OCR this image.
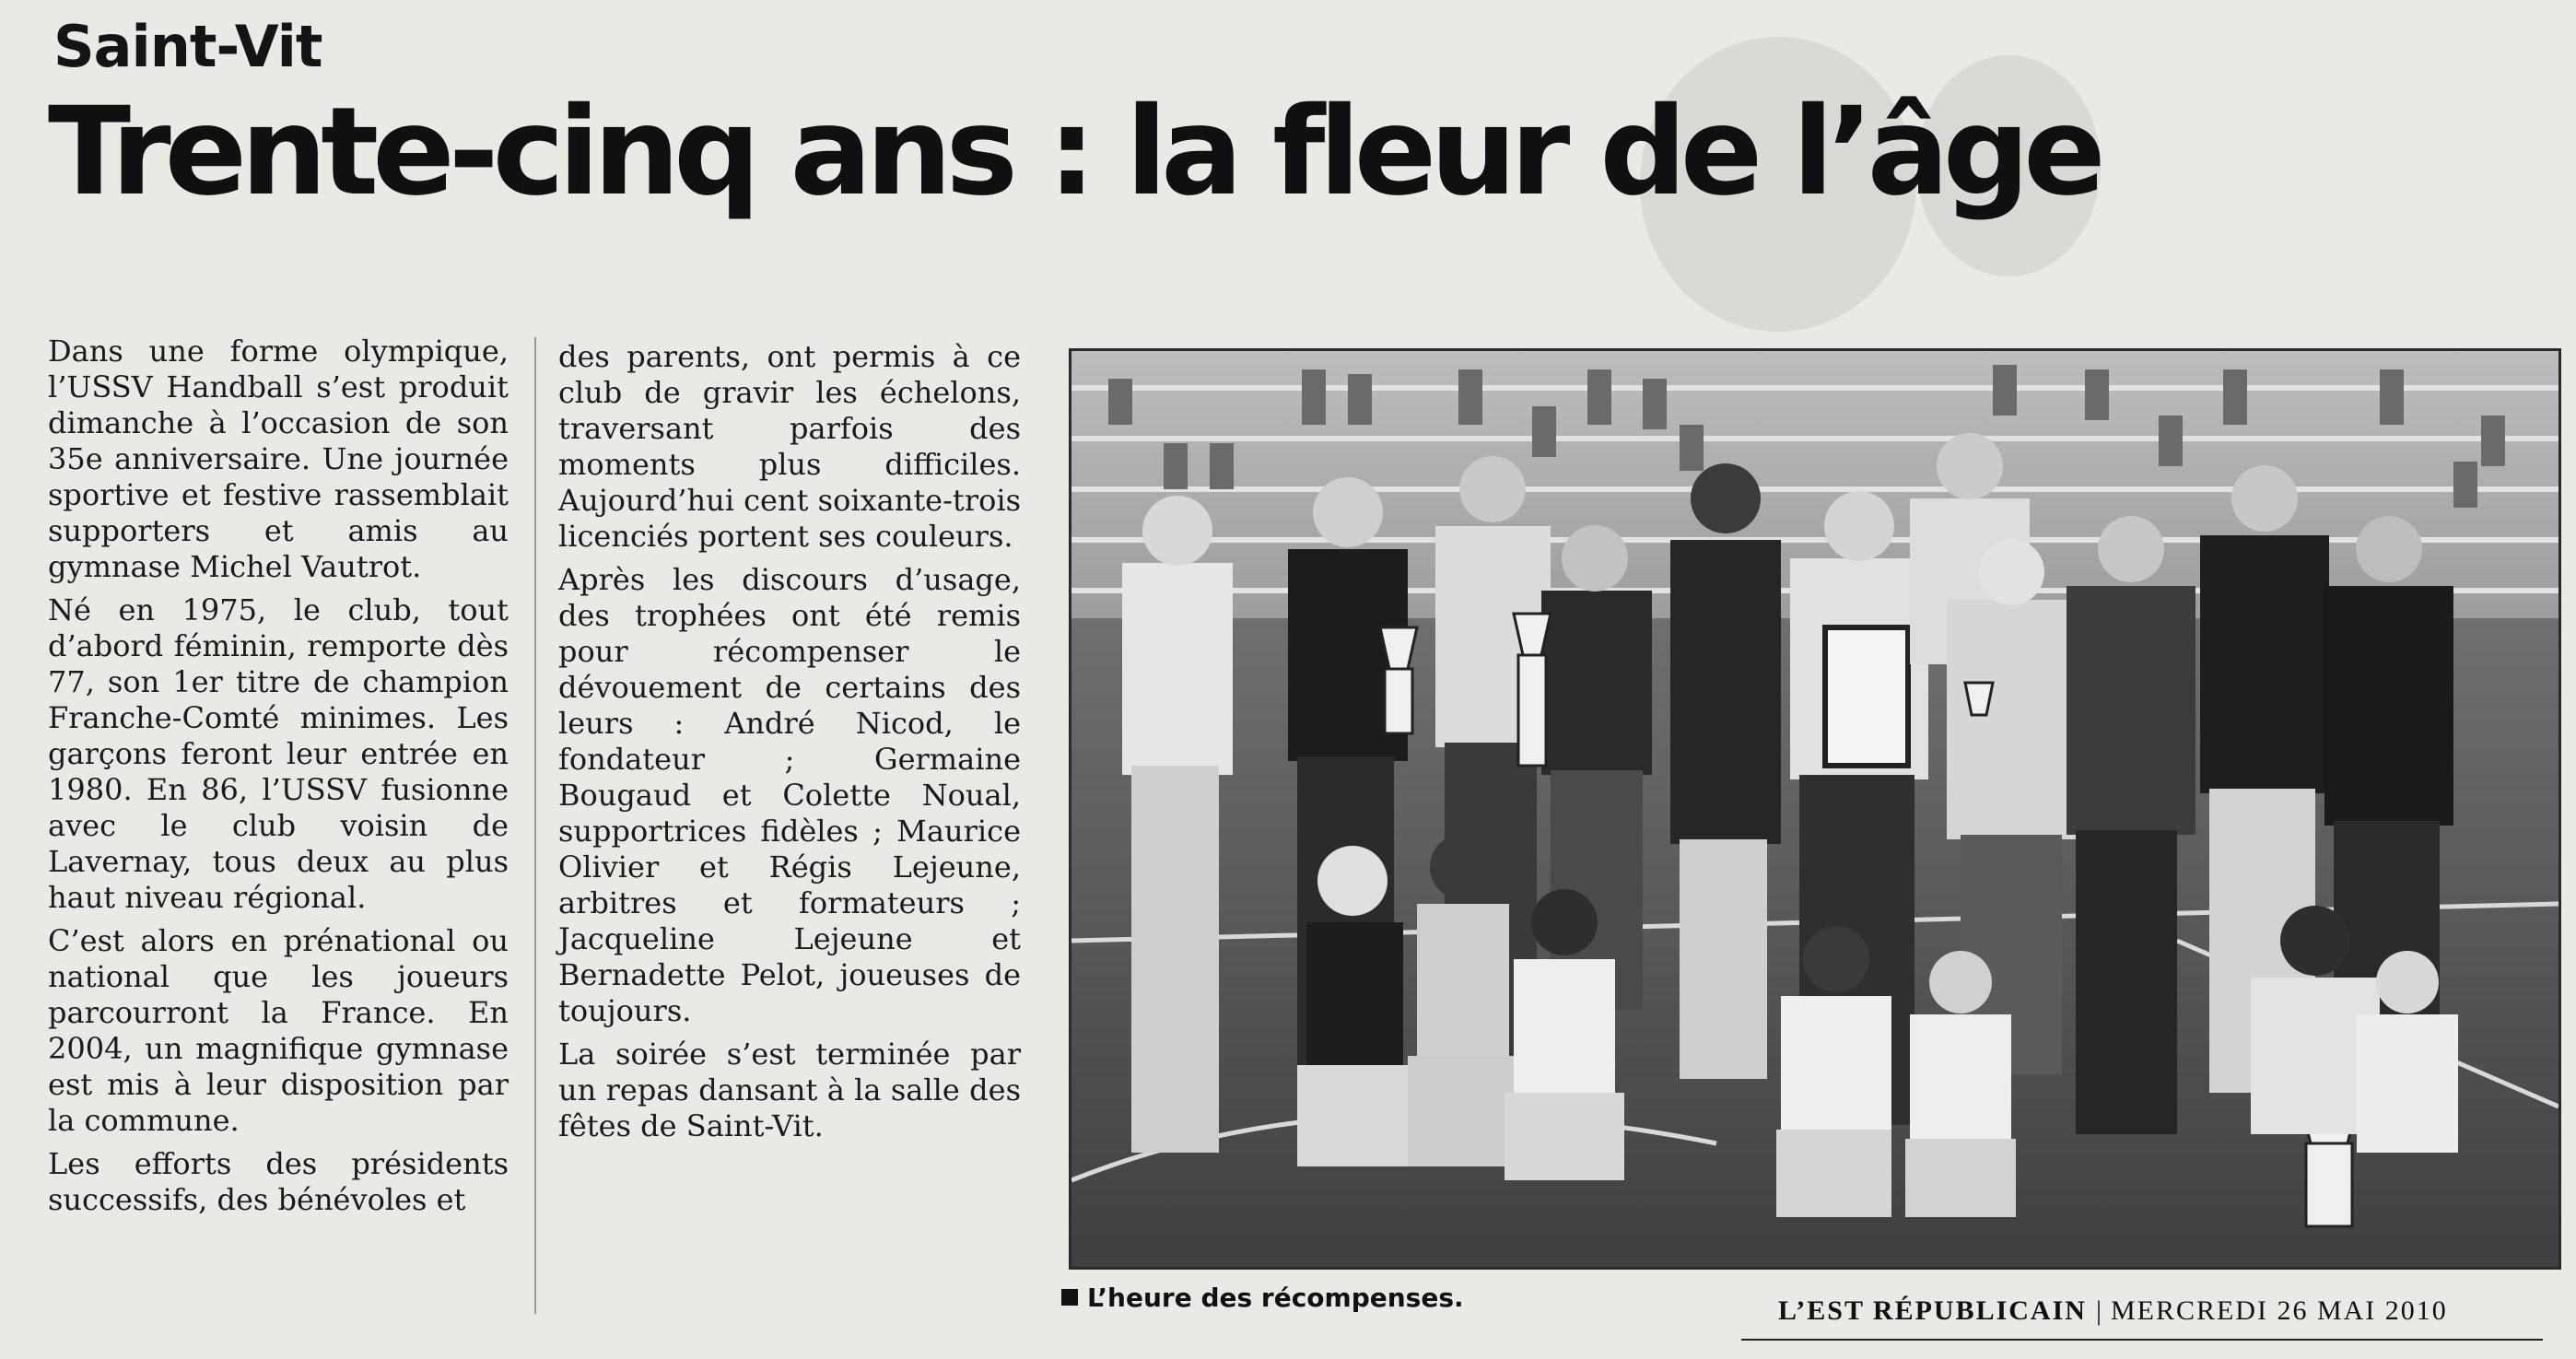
Saint-Vit
Trente-cinq ans : la fleur de l’âge

Dans une forme olympique, l’USSV Handball s’est produit dimanche à l’occasion de son 35e anniversaire. Une journée sportive et festive rassemblait supporters et amis au gymnase Michel Vautrot.

Né en 1975, le club, tout d’abord féminin, remporte dès 77, son 1er titre de champion Franche-Comté minimes. Les garçons feront leur entrée en 1980. En 86, l’USSV fusionne avec le club voisin de Lavernay, tous deux au plus haut niveau régional.

C’est alors en prénational ou national que les joueurs parcourront la France. En 2004, un magnifique gymnase est mis à leur disposition par la commune.

Les efforts des présidents successifs, des bénévoles et

des parents, ont permis à ce club de gravir les échelons, traversant parfois des moments plus difficiles. Aujourd’hui cent soixante-trois licenciés portent ses couleurs.

Après les discours d’usage, des trophées ont été remis pour récompenser le dévouement de certains des leurs : André Nicod, le fondateur ; Germaine Bougaud et Colette Noual, supportrices fidèles ; Maurice Olivier et Régis Lejeune, arbitres et formateurs ; Jacqueline Lejeune et Bernadette Pelot, joueuses de toujours.

La soirée s’est terminée par un repas dansant à la salle des fêtes de Saint-Vit.

L’heure des récompenses.	L’EST RÉPUBLICAIN | MERCREDI 26 MAI 2010
